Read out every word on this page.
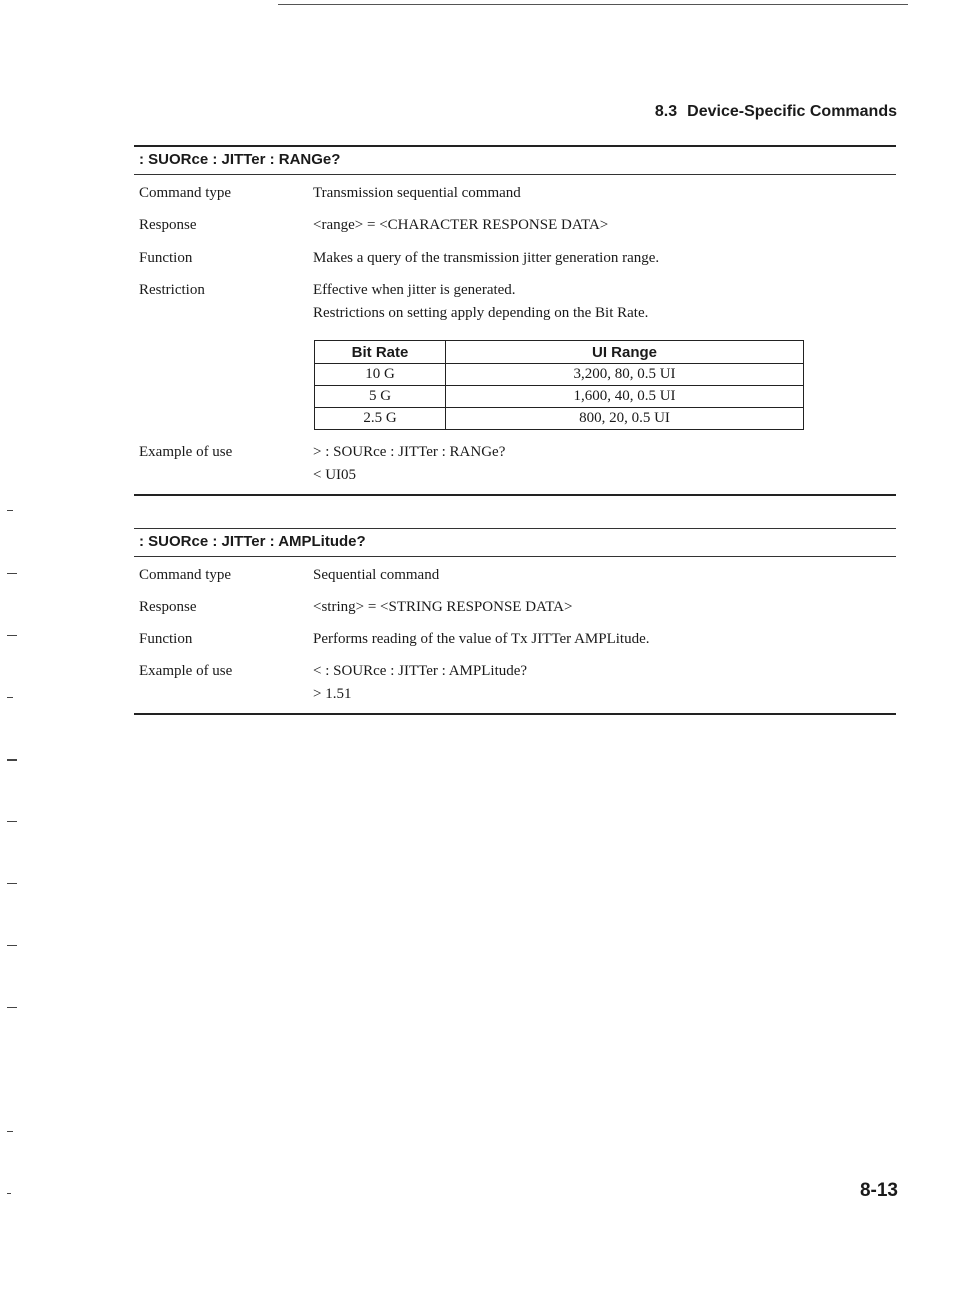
8.3 Device-Specific Commands
: SUORce : JITTer : RANGe?
Command type	Transmission sequential command
Response	<range> = <CHARACTER RESPONSE DATA>
Function	Makes a query of the transmission jitter generation range.
Restriction	Effective when jitter is generated.
Restrictions on setting apply depending on the Bit Rate.
Bit Rate	UI Range
10 G	3,200, 80, 0.5 UI
5 G	1,600, 40, 0.5 UI
2.5 G	800, 20, 0.5 UI
Example of use	> : SOURce : JITTer : RANGe?
< UI05
: SUORce : JITTer : AMPLitude?
Command type	Sequential command
Response	<string> = <STRING RESPONSE DATA>
Function	Performs reading of the value of Tx JITTer AMPLitude.
Example of use	< : SOURce : JITTer : AMPLitude?
> 1.51
8-13
